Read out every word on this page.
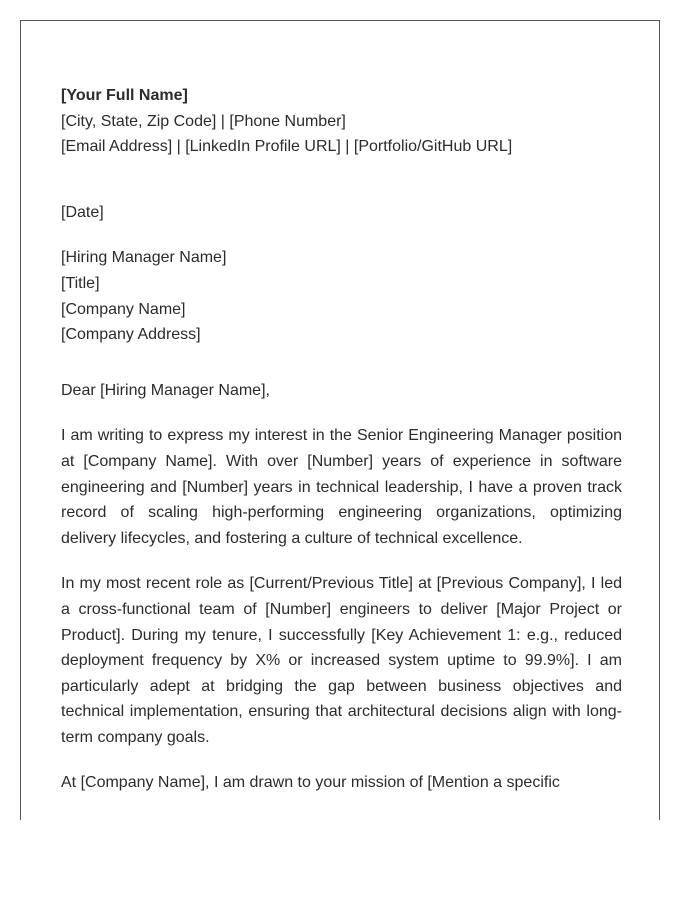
[Your Full Name]
[City, State, Zip Code] | [Phone Number]
[Email Address] | [LinkedIn Profile URL] | [Portfolio/GitHub URL]
[Date]
[Hiring Manager Name]
[Title]
[Company Name]
[Company Address]
Dear [Hiring Manager Name],

I am writing to express my interest in the Senior Engineering Manager position at [Company Name]. With over [Number] years of experience in software engineering and [Number] years in technical leadership, I have a proven track record of scaling high-performing engineering organizations, optimizing delivery lifecycles, and fostering a culture of technical excellence.

In my most recent role as [Current/Previous Title] at [Previous Company], I led a cross-functional team of [Number] engineers to deliver [Major Project or Product]. During my tenure, I successfully [Key Achievement 1: e.g., reduced deployment frequency by X% or increased system uptime to 99.9%]. I am particularly adept at bridging the gap between business objectives and technical implementation, ensuring that architectural decisions align with long-term company goals.

At [Company Name], I am drawn to your mission of [Mention a specific
